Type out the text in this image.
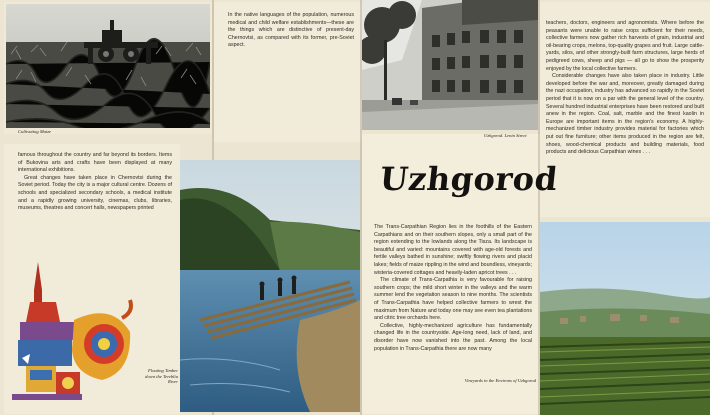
Cultivating Maize

In the native languages of the population, numerous medical and child welfare establishments—these are the things which are distinctive of present-day Chernovtsi, as compared with its former, pre-Soviet aspect.

Uzhgorod. Lenin Street

teachers, doctors, engineers and agronomists. Where before the peasants were unable to raise crops sufficient for their needs, collective farmers now gather rich harvests of grain, industrial and oil-bearing crops, melons, top-quality grapes and fruit. Large cattle-yards, silos, and other strongly-built farm structures, large herds of pedigreed cows, sheep and pigs — all go to show the prosperity enjoyed by the local collective farmers.

Considerable changes have also taken place in industry. Little developed before the war and, moreover, greatly damaged during the nazi occupation, industry has advanced so rapidly in the Soviet period that it is now on a par with the general level of the country. Several hundred industrial enterprises have been restored and built anew in the region. Coal, salt, marble and the finest kaolin in Europe are important items in the region's economy. A highly-mechanized timber industry provides material for factories which put out fine furniture; other items produced in the region are felt, shoes, wood-chemical products and building materials, food products and delicious Carpathian wines . . .

famous throughout the country and far beyond its borders. Items of Bukovina arts and crafts have been displayed at many international exhibitions.

Great changes have taken place in Chernovtsi during the Soviet period. Today the city is a major cultural centre. Dozens of schools and specialized secondary schools, a medical institute and a rapidly growing university, cinemas, clubs, libraries, museums, theatres and concert halls, newspapers printed

Floating Timber down the Tereblia River
Uzhgorod

The Trans-Carpathian Region lies in the foothills of the Eastern Carpathians and on their southern slopes, only a small part of the region extending to the lowlands along the Tisza. Its landscape is beautiful and varied: mountains covered with age-old forests and fertile valleys bathed in sunshine; swiftly flowing rivers and placid lakes; fields of maize rippling in the wind and boundless, vineyards; wisteria-covered cottages and heavily-laden apricot trees . . .

The climate of Trans-Carpathia is very favourable for raising southern crops; the mild short winter in the valleys and the warm summer lend the vegetation season to nine months. The scientists of Trans-Carpathia have helped collective farmers to wrest the maximum from Nature and today one may see even tea plantations and citric tree orchards here.

Collective, highly-mechanized agriculture has fundamentally changed life in the countryside. Age-long need, lack of land, and disorder have now vanished into the past. Among the local population in Trans-Carpathia there are now many

Vineyards in the Environs of Uzhgorod
